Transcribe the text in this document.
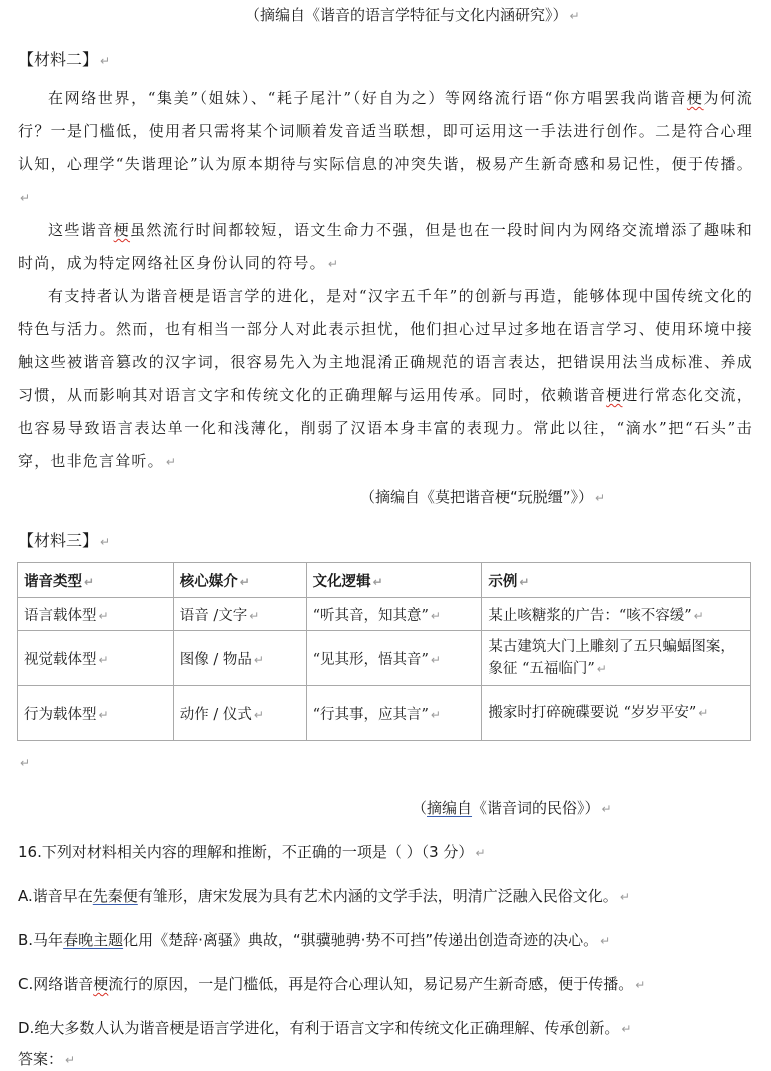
（摘编自《谐音的语言学特征与文化内涵研究》） ↵
【材料二】 ↵
在网络世界，“集美”（姐妹）、“耗子尾汁”（好自为之）等网络流行语“你方唱罢我尚谐音梗为何流行？一是门槛低，使用者只需将某个词顺着发音适当联想，即可运用这一手法进行创作。二是符合心理认知，心理学“失谐理论”认为原本期待与实际信息的冲突失谐，极易产生新奇感和易记性，便于传播。↵
这些谐音梗虽然流行时间都较短，语文生命力不强，但是也在一段时间内为网络交流增添了趣味和时尚，成为特定网络社区身份认同的符号。 ↵
有支持者认为谐音梗是语言学的进化，是对“汉字五千年”的创新与再造，能够体现中国传统文化的特色与活力。然而，也有相当一部分人对此表示担忧，他们担心过早过多地在语言学习、使用环境中接触这些被谐音篡改的汉字词，很容易先入为主地混淆正确规范的语言表达，把错误用法当成标准、养成习惯，从而影响其对语言文字和传统文化的正确理解与运用传承。同时，依赖谐音梗进行常态化交流，也容易导致语言表达单一化和浅薄化，削弱了汉语本身丰富的表现力。常此以往，“滴水”把“石头”击穿，也非危言耸听。 ↵
（摘编自《莫把谐音梗“玩脱缰”》） ↵
【材料三】 ↵
谐音类型 ↵	核心媒介 ↵	文化逻辑 ↵	示例 ↵
语言载体型 ↵	语音 /文字 ↵	“听其音，知其意” ↵	某止咳糖浆的广告：“咳不容缓” ↵
视觉载体型 ↵	图像 / 物品 ↵	“见其形，悟其音” ↵	某古建筑大门上雕刻了五只蝙蝠图案，象征 “五福临门” ↵
行为载体型 ↵	动作 / 仪式 ↵	“行其事，应其言” ↵	搬家时打碎碗碟要说 “岁岁平安” ↵
↵
（摘编自《谐音词的民俗》） ↵
16.下列对材料相关内容的理解和推断，不正确的一项是（ ）（3 分） ↵
A.谐音早在先秦便有雏形，唐宋发展为具有艺术内涵的文学手法，明清广泛融入民俗文化。 ↵
B.马年春晚主题化用《楚辞·离骚》典故，“骐骥驰骋·势不可挡”传递出创造奇迹的决心。 ↵
C.网络谐音梗流行的原因，一是门槛低，再是符合心理认知，易记易产生新奇感，便于传播。 ↵
D.绝大多数人认为谐音梗是语言学进化，有利于语言文字和传统文化正确理解、传承创新。 ↵
答案： ↵
